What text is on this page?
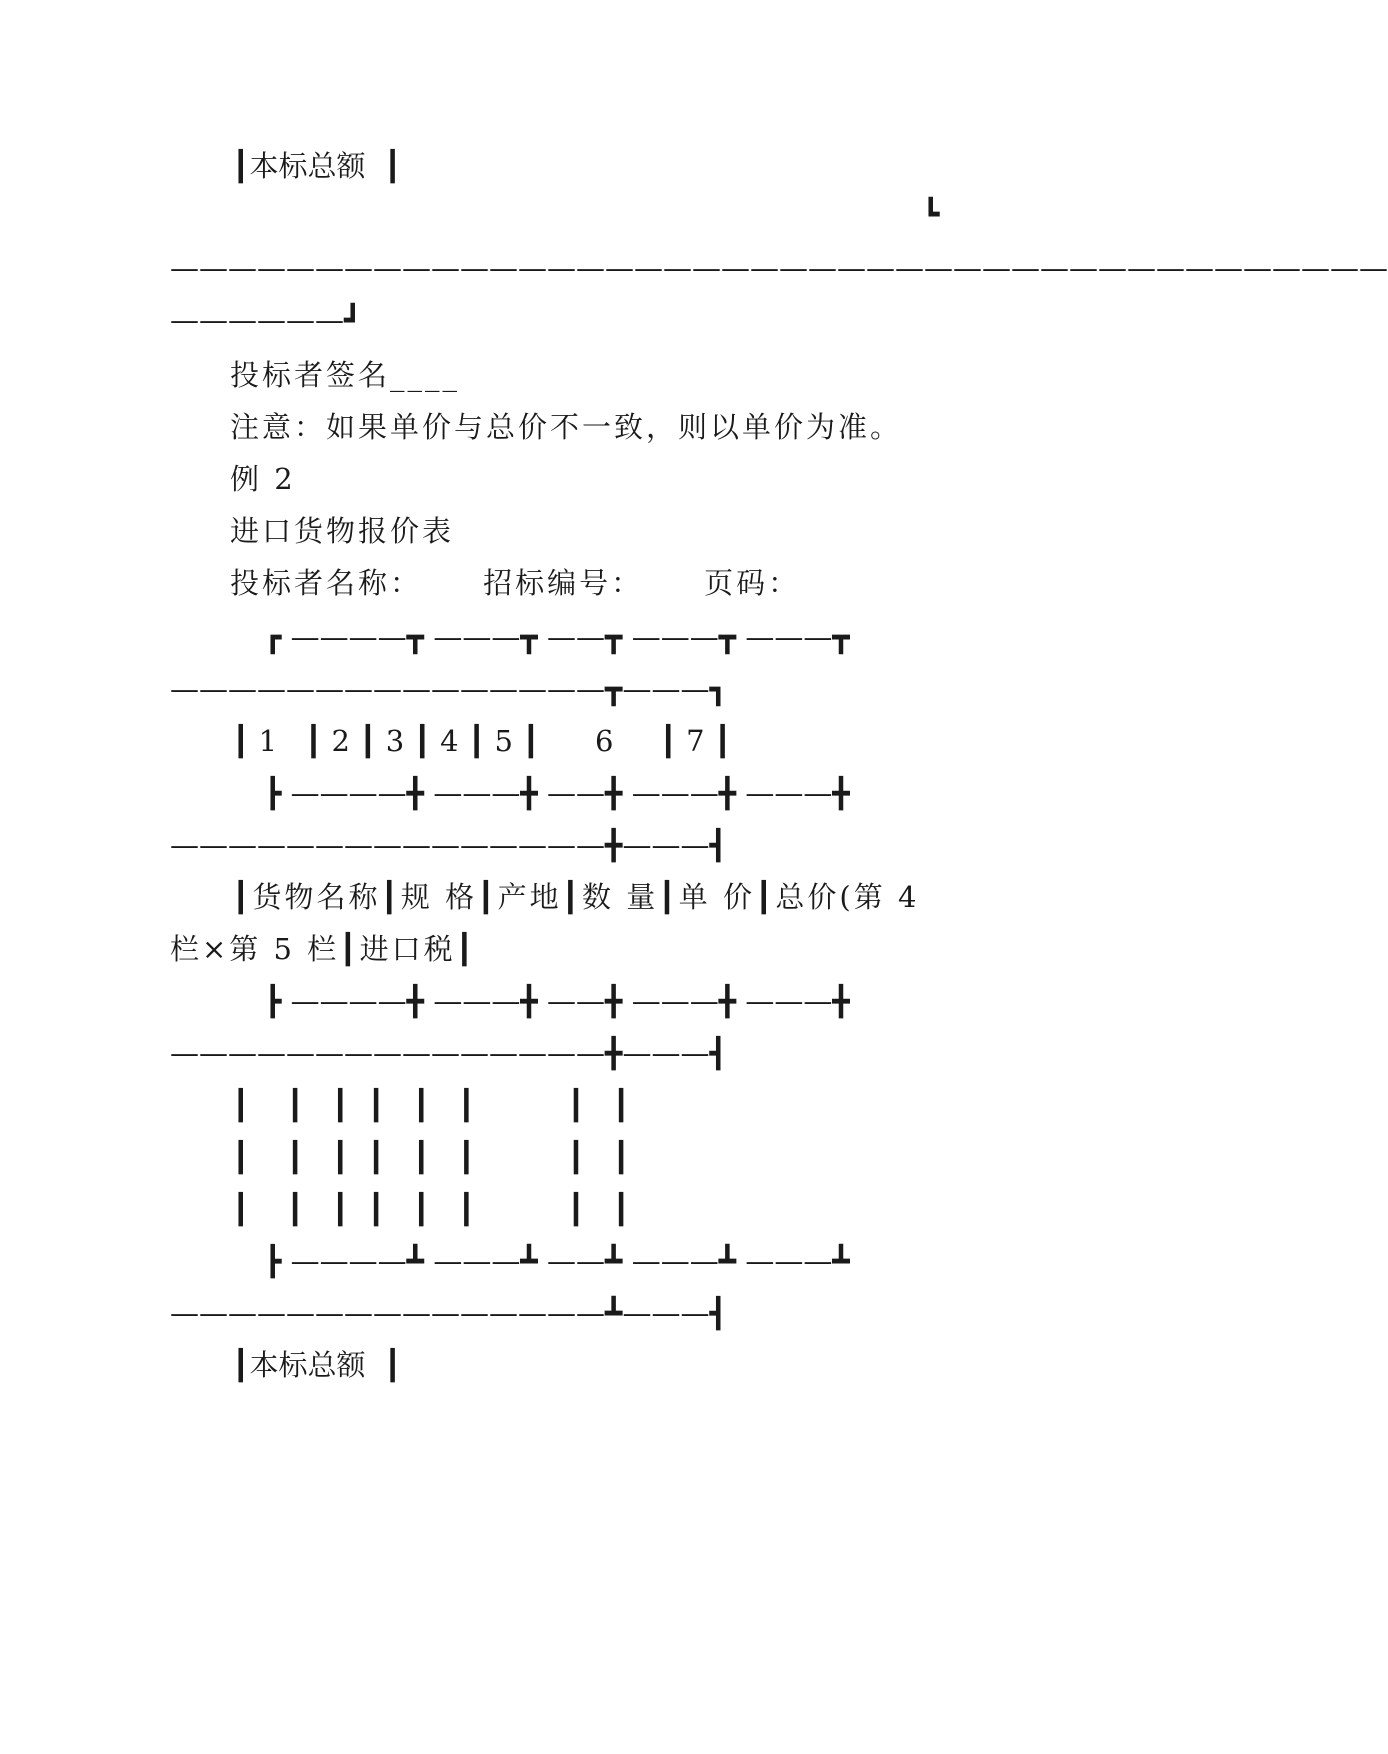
┃本标总额  ┃

┗

——————————————————————————————————————————

——————┛

投标者签名____

注意：如果单价与总价不一致，则以单价为准。

例 2

进口货物报价表

投标者名称：     招标编号：     页码：

┏ ————┳ ———┳ ——┳ ———┳ ———┳

———————————————┳———┓

┃ 1   ┃ 2 ┃ 3 ┃ 4 ┃ 5 ┃      6     ┃ 7 ┃

┣ ————╋ ———╋ ——╋ ———╋ ———╋

———————————————╋———┫

┃货物名称┃规 格┃产地┃数 量┃单 价┃总价(第 4

栏×第 5 栏┃进口税┃

┣ ————╋ ———╋ ——╋ ———╋ ———╋

———————————————╋———┫

┃    ┃   ┃  ┃   ┃   ┃          ┃   ┃

┃    ┃   ┃  ┃   ┃   ┃          ┃   ┃

┃    ┃   ┃  ┃   ┃   ┃          ┃   ┃

┣ ————┻ ———┻ ——┻ ———┻ ———┻

———————————————┻———┫

┃本标总额  ┃
